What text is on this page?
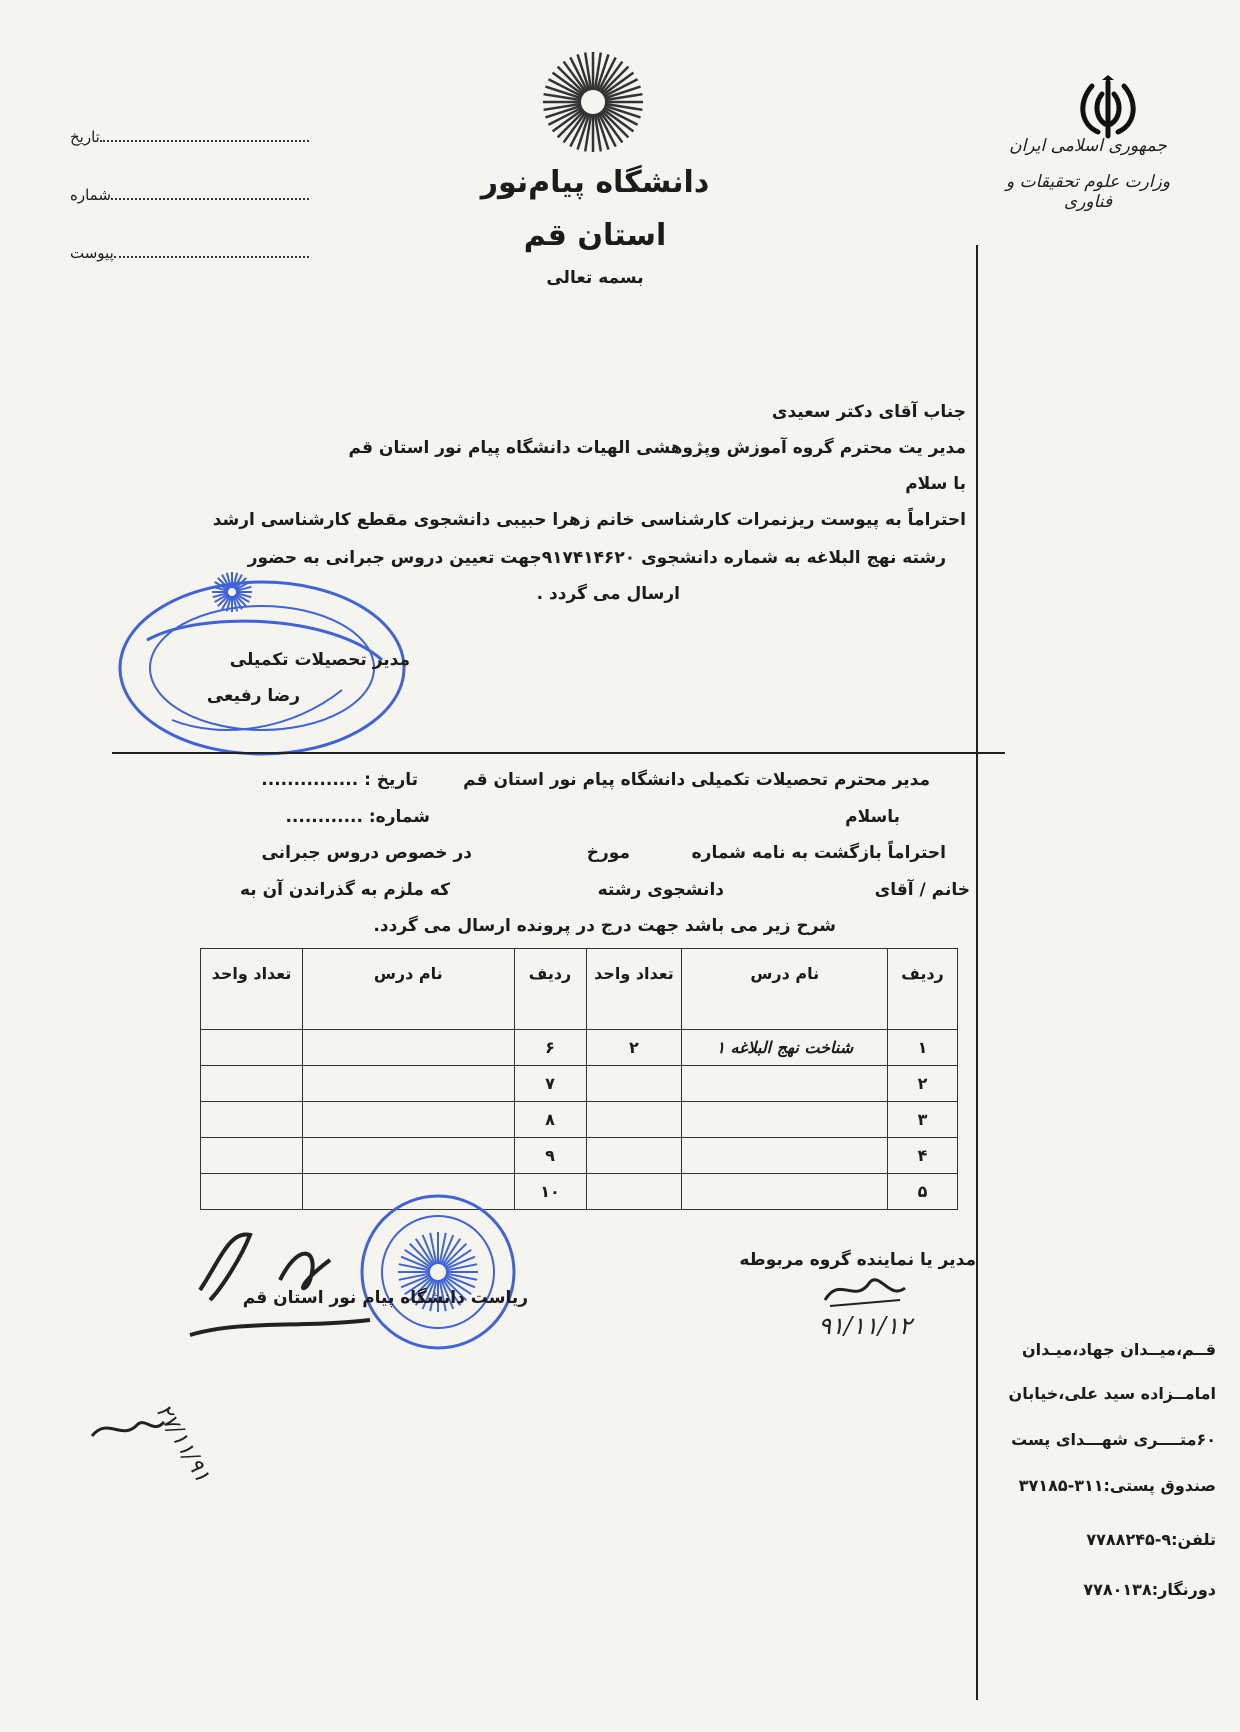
جمهوری اسلامی ایران
وزارت علوم تحقیقات و فناوری
دانشگاه پیام‌نور
استان قم
بسمه تعالی
تاریخ
شماره
پیوست
جناب آقای دکتر سعیدی
مدیر یت محترم گروه آموزش وپژوهشی الهیات دانشگاه پیام نور استان قم
با سلام
احتراماً به پیوست ریزنمرات کارشناسی خانم زهرا حبیبی دانشجوی مقطع کارشناسی ارشد
رشته نهج البلاغه به شماره دانشجوی ۹۱۷۴۱۴۶۲۰جهت تعیین دروس جبرانی به حضور
ارسال می گردد .
مدیر تحصیلات تکمیلی
رضا رفیعی
مدیر محترم تحصیلات تکمیلی دانشگاه پیام نور استان قم
تاریخ : ...............
باسلام
شماره: ............
احتراماً بازگشت به نامه شماره
مورخ
در خصوص دروس جبرانی
خانم / آقای
دانشجوی رشته
که ملزم به گذراندن آن به
شرح زیر می باشد جهت درج در پرونده ارسال می گردد.
ردیف	نام درس	تعداد واحد	ردیف	نام درس	تعداد واحد
۱	شناخت نهج البلاغه ۱	۲	۶		
۲			۷		
۳			۸		
۴			۹		
۵			۱۰		
مدیر یا نماینده گروه مربوطه
۹۱/۱۱/۱۲
ریاست دانشگاه پیام نور استان قم
۲۷/۱۱/۹۱
قــم،میــدان جهاد،میـدان
امامــزاده سید علی،خیابان
۶۰متــــری شهـــدای پست
صندوق پستی:۳۱۱-۳۷۱۸۵
تلفن:۹-۷۷۸۸۲۴۵
دورنگار:۷۷۸۰۱۳۸
